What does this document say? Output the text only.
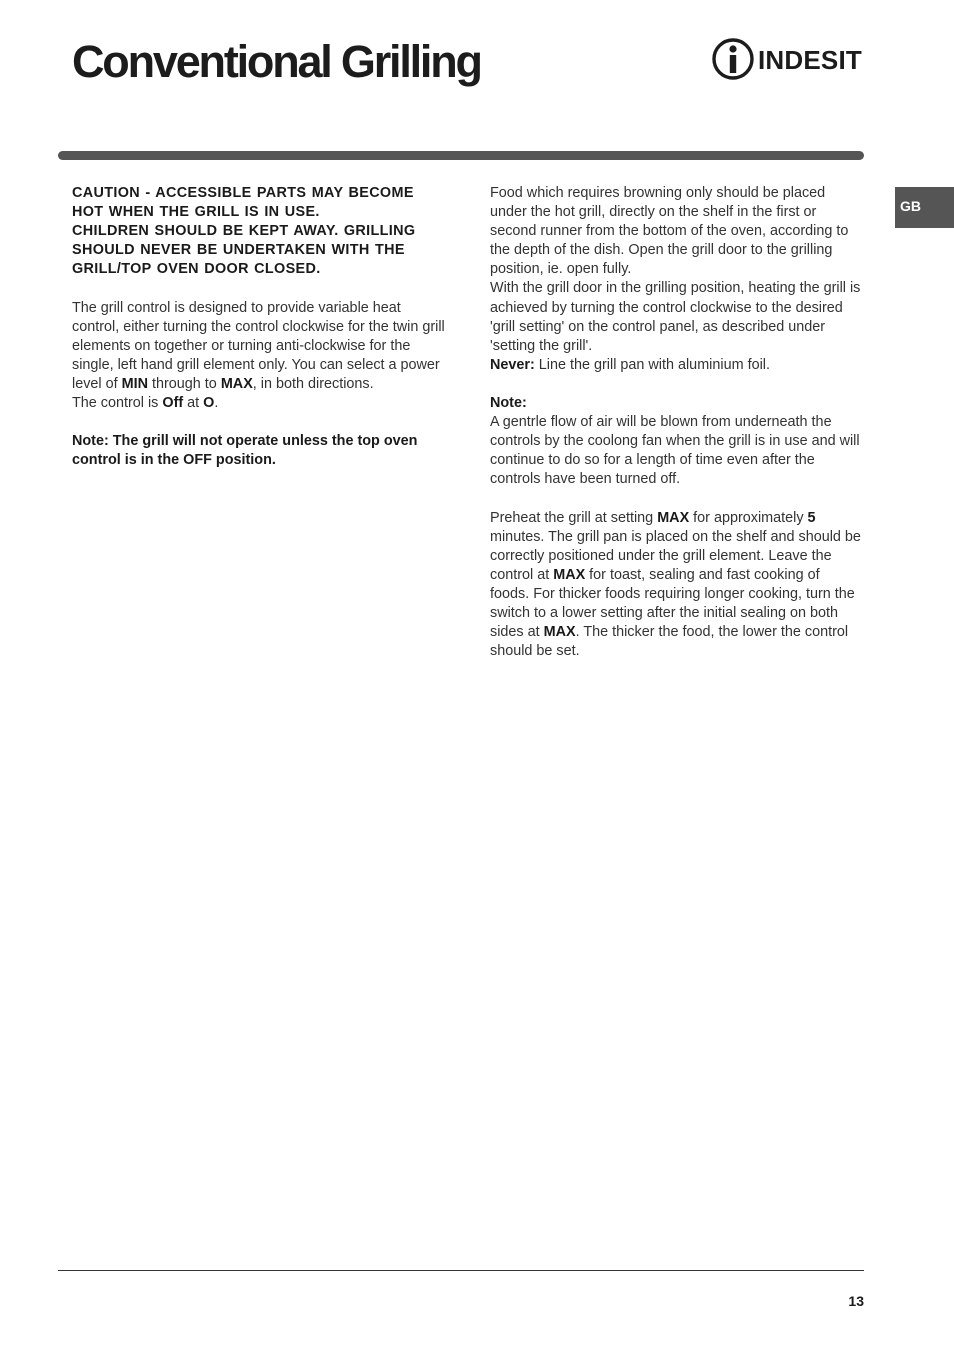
Conventional Grilling	INDESIT
GB

CAUTION - ACCESSIBLE PARTS MAY BECOME HOT WHEN THE GRILL IS IN USE.

CHILDREN SHOULD BE KEPT AWAY. GRILLING SHOULD NEVER BE UNDERTAKEN WITH THE GRILL/TOP OVEN DOOR CLOSED.

The grill control is designed to provide variable heat control, either turning the control clockwise for the twin grill elements on together or turning anti-clockwise for the single, left hand grill element only. You can select a power level of MIN through to MAX, in both directions.

The control is Off at O.

Note: The grill will not operate unless the top oven control is in the OFF position.

Food which requires browning only should be placed under the hot grill, directly on the shelf in the first or second runner from the bottom of the oven, according to the depth of the dish. Open the grill door to the grilling position, ie. open fully.

With the grill door in the grilling position, heating the grill is achieved by turning the control clockwise to the desired 'grill setting' on the control panel, as described under 'setting the grill'.

Never: Line the grill pan with aluminium foil.

Note:

A gentrle flow of air will be blown from underneath the controls by the coolong fan when the grill is in use and will continue to do so for a length of time even after the controls have been turned off.

Preheat the grill at setting MAX for approximately 5 minutes. The grill pan is placed on the shelf and should be correctly positioned under the grill element. Leave the control at MAX for toast, sealing and fast cooking of foods. For thicker foods requiring longer cooking, turn the switch to a lower setting after the initial sealing on both sides at MAX. The thicker the food, the lower the control should be set.

13
